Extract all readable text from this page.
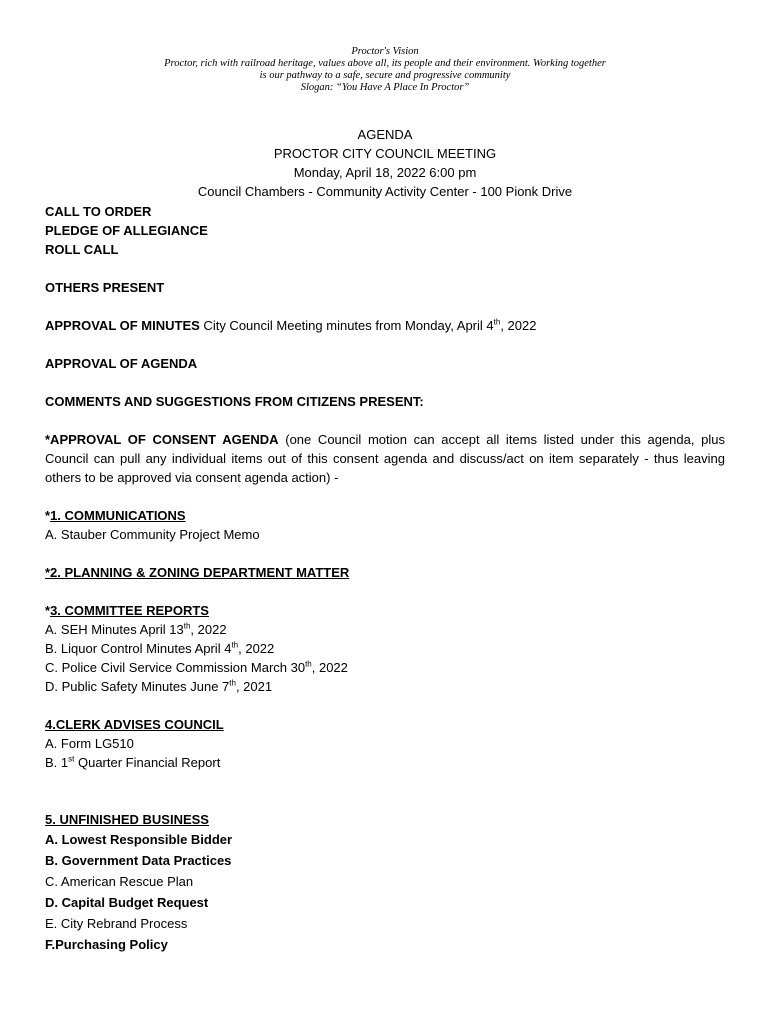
Proctor's Vision
Proctor, rich with railroad heritage, values above all, its people and their environment. Working together
is our pathway to a safe, secure and progressive community
Slogan: “You Have A Place In Proctor”
AGENDA
PROCTOR CITY COUNCIL MEETING
Monday, April 18, 2022 6:00 pm
Council Chambers - Community Activity Center - 100 Pionk Drive
CALL TO ORDER
PLEDGE OF ALLEGIANCE
ROLL CALL
OTHERS PRESENT
APPROVAL OF MINUTES City Council Meeting minutes from Monday, April 4th, 2022
APPROVAL OF AGENDA
COMMENTS AND SUGGESTIONS FROM CITIZENS PRESENT:
*APPROVAL OF CONSENT AGENDA (one Council motion can accept all items listed under this agenda, plus Council can pull any individual items out of this consent agenda and discuss/act on item separately - thus leaving others to be approved via consent agenda action) -
*1. COMMUNICATIONS
A. Stauber Community Project Memo
*2. PLANNING & ZONING DEPARTMENT MATTER
*3. COMMITTEE REPORTS
A. SEH Minutes April 13th, 2022
B. Liquor Control Minutes April 4th, 2022
C. Police Civil Service Commission March 30th, 2022
D. Public Safety Minutes June 7th, 2021
4.CLERK ADVISES COUNCIL
A. Form LG510
B. 1st Quarter Financial Report
5. UNFINISHED BUSINESS
A. Lowest Responsible Bidder
B. Government Data Practices
C. American Rescue Plan
D. Capital Budget Request
E. City Rebrand Process
F.Purchasing Policy
